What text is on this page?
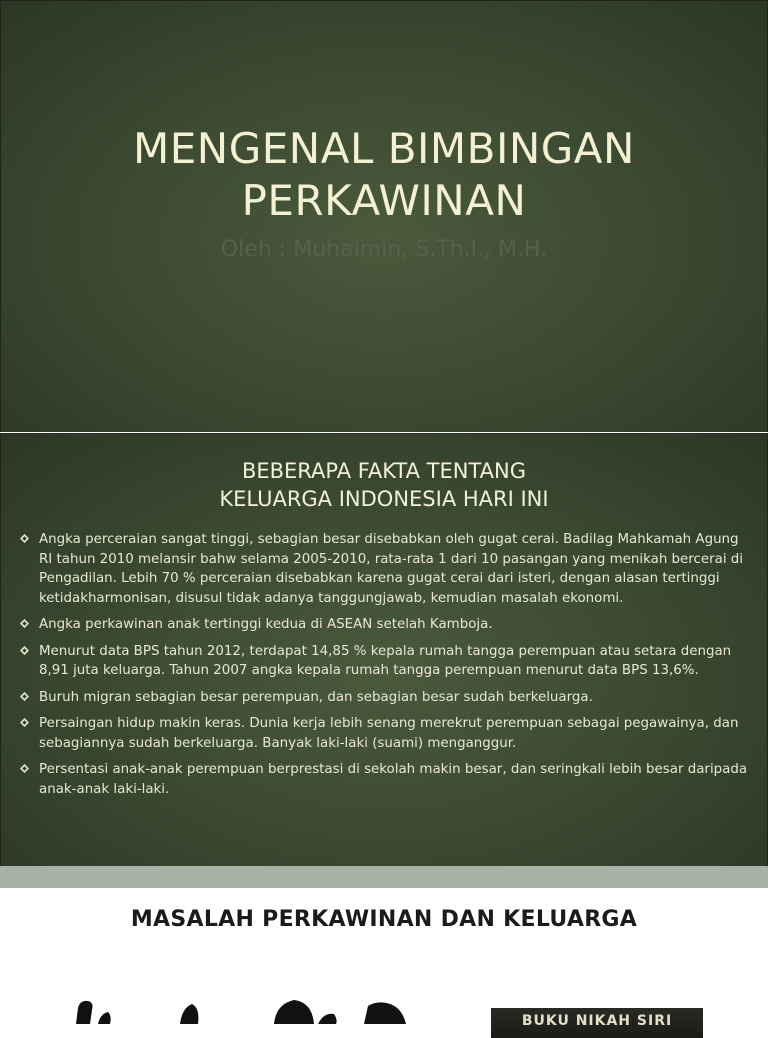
MENGENAL BIMBINGAN
PERKAWINAN

Oleh : Muhaimin, S.Th.I., M.H.

BEBERAPA FAKTA TENTANG
KELUARGA INDONESIA HARI INI
Angka perceraian sangat tinggi, sebagian besar disebabkan oleh gugat cerai. Badilag Mahkamah Agung RI tahun 2010 melansir bahw selama 2005-2010, rata-rata 1 dari 10 pasangan yang menikah bercerai di Pengadilan. Lebih 70 % perceraian disebabkan karena gugat cerai dari isteri, dengan alasan tertinggi ketidakharmonisan, disusul tidak adanya tanggungjawab, kemudian masalah ekonomi.
Angka perkawinan anak tertinggi kedua di ASEAN setelah Kamboja.
Menurut data BPS tahun 2012, terdapat 14,85 % kepala rumah tangga perempuan atau setara dengan 8,91 juta keluarga. Tahun 2007 angka kepala rumah tangga perempuan menurut data BPS 13,6%.
Buruh migran sebagian besar perempuan, dan sebagian besar sudah berkeluarga.
Persaingan hidup makin keras. Dunia kerja lebih senang merekrut perempuan sebagai pegawainya, dan sebagiannya sudah berkeluarga. Banyak laki-laki (suami) menganggur.
Persentasi anak-anak perempuan berprestasi di sekolah makin besar, dan seringkali lebih besar daripada anak-anak laki-laki.
MASALAH PERKAWINAN DAN KELUARGA
BUKU NIKAH SIRI
